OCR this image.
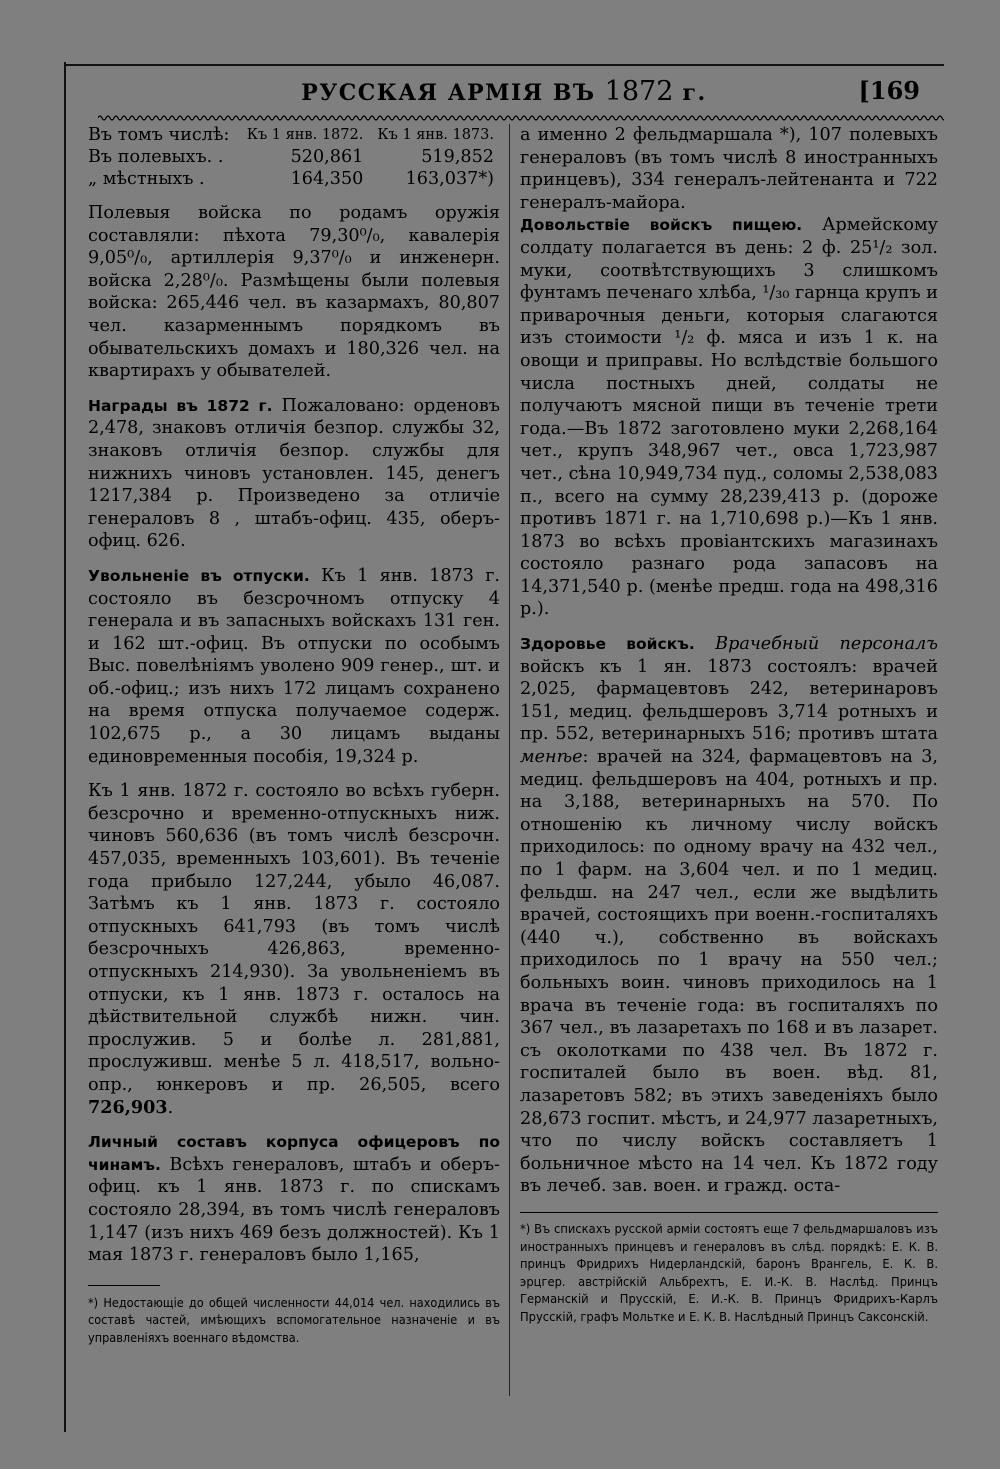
РУССКАЯ АРМІЯ ВЪ 1872 г.	[169
Въ томъ числѣ:	Къ 1 янв. 1872.	Къ 1 янв. 1873.
Въ полевыхъ. .	520,861	519,852
„ мѣстныхъ .	164,350	163,037*)

Полевыя войска по родамъ оружія составляли: пѣхота 79,30⁰/₀, кавалерія 9,05⁰/₀, артиллерія 9,37⁰/₀ и инженерн. войска 2,28⁰/₀. Размѣщены были полевыя войска: 265,446 чел. въ казармахъ, 80,807 чел. казарменнымъ порядкомъ въ обывательскихъ домахъ и 180,326 чел. на квартирахъ у обывателей.

Награды въ 1872 г. Пожаловано: орденовъ 2,478, знаковъ отличія безпор. службы 32, знаковъ отличія безпор. службы для нижнихъ чиновъ установлен. 145, денегъ 1217,384 р. Произведено за отличіе генераловъ 8 , штабъ-офиц. 435, оберъ-офиц. 626.

Увольненіе въ отпуски. Къ 1 янв. 1873 г. состояло въ безсрочномъ отпуску 4 генерала и въ запасныхъ войскахъ 131 ген. и 162 шт.-офиц. Въ отпуски по особымъ Выс. повелѣніямъ уволено 909 генер., шт. и об.-офиц.; изъ нихъ 172 лицамъ сохранено на время отпуска получаемое содерж. 102,675 р., а 30 лицамъ выданы единовременныя пособія, 19,324 р.

Къ 1 янв. 1872 г. состояло во всѣхъ губерн. безсрочно и временно-отпускныхъ ниж. чиновъ 560,636 (въ томъ числѣ безсрочн. 457,035, временныхъ 103,601). Въ теченіе года прибыло 127,244, убыло 46,087. Затѣмъ къ 1 янв. 1873 г. состояло отпускныхъ 641,793 (въ томъ числѣ безсрочныхъ 426,863, временно-отпускныхъ 214,930). За увольненіемъ въ отпуски, къ 1 янв. 1873 г. осталось на дѣйствительной службѣ нижн. чин. прослужив. 5 и болѣе л. 281,881, прослуживш. менѣе 5 л. 418,517, вольно-опр., юнкеровъ и пр. 26,505, всего 726,903.

Личный составъ корпуса офицеровъ по чинамъ. Всѣхъ генераловъ, штабъ и оберъ-офиц. къ 1 янв. 1873 г. по спискамъ состояло 28,394, въ томъ числѣ генераловъ 1,147 (изъ нихъ 469 безъ должностей). Къ 1 мая 1873 г. генераловъ было 1,165,

*) Недостающіе до общей численности 44,014 чел. находились въ составѣ частей, имѣющихъ вспомогательное назначеніе и въ управленіяхъ военнаго вѣдомства.

а именно 2 фельдмаршала *), 107 полевыхъ генераловъ (въ томъ числѣ 8 иностранныхъ принцевъ), 334 генералъ-лейтенанта и 722 генералъ-майора.

Довольствіе войскъ пищею. Армейскому солдату полагается въ день: 2 ф. 25¹/₂ зол. муки, соотвѣтствующихъ 3 слишкомъ фунтамъ печенаго хлѣба, ¹/₃₀ гарнца крупъ и приварочныя деньги, которыя слагаются изъ стоимости ¹/₂ ф. мяса и изъ 1 к. на овощи и приправы. Но вслѣдствіе большого числа постныхъ дней, солдаты не получаютъ мясной пищи въ теченіе трети года.—Въ 1872 заготовлено муки 2,268,164 чет., крупъ 348,967 чет., овса 1,723,987 чет., сѣна 10,949,734 пуд., соломы 2,538,083 п., всего на сумму 28,239,413 р. (дороже противъ 1871 г. на 1,710,698 р.)—Къ 1 янв. 1873 во всѣхъ провіантскихъ магазинахъ состояло разнаго рода запасовъ на 14,371,540 р. (менѣе предш. года на 498,316 р.).

Здоровье войскъ. Врачебный персоналъ войскъ къ 1 ян. 1873 состоялъ: врачей 2,025, фармацевтовъ 242, ветеринаровъ 151, медиц. фельдшеровъ 3,714 ротныхъ и пр. 552, ветеринарныхъ 516; противъ штата менѣе: врачей на 324, фармацевтовъ на 3, медиц. фельдшеровъ на 404, ротныхъ и пр. на 3,188, ветеринарныхъ на 570. По отношенію къ личному числу войскъ приходилось: по одному врачу на 432 чел., по 1 фарм. на 3,604 чел. и по 1 медиц. фельдш. на 247 чел., если же выдѣлить врачей, состоящихъ при военн.-госпиталяхъ (440 ч.), собственно въ войскахъ приходилось по 1 врачу на 550 чел.; больныхъ воин. чиновъ приходилось на 1 врача въ теченіе года: въ госпиталяхъ по 367 чел., въ лазаретахъ по 168 и въ лазарет. съ околотками по 438 чел. Въ 1872 г. госпиталей было въ воен. вѣд. 81, лазаретовъ 582; въ этихъ заведеніяхъ было 28,673 госпит. мѣстъ, и 24,977 лазаретныхъ, что по числу войскъ составляетъ 1 больничное мѣсто на 14 чел. Къ 1872 году въ лечеб. зав. воен. и гражд. оста-

*) Въ спискахъ русской арміи состоятъ еще 7 фельдмаршаловъ изъ иностранныхъ принцевъ и генераловъ въ слѣд. порядкѣ: Е. К. В. принцъ Фридрихъ Нидерландскій, баронъ Врангель, Е. К. В. эрцгер. австрійскій Альбрехтъ, Е. И.-К. В. Наслѣд. Принцъ Германскій и Прусскій, Е. И.-К. В. Принцъ Фридрихъ-Карлъ Прусскій, графъ Мольтке и Е. К. В. Наслѣдный Принцъ Саксонскій.
